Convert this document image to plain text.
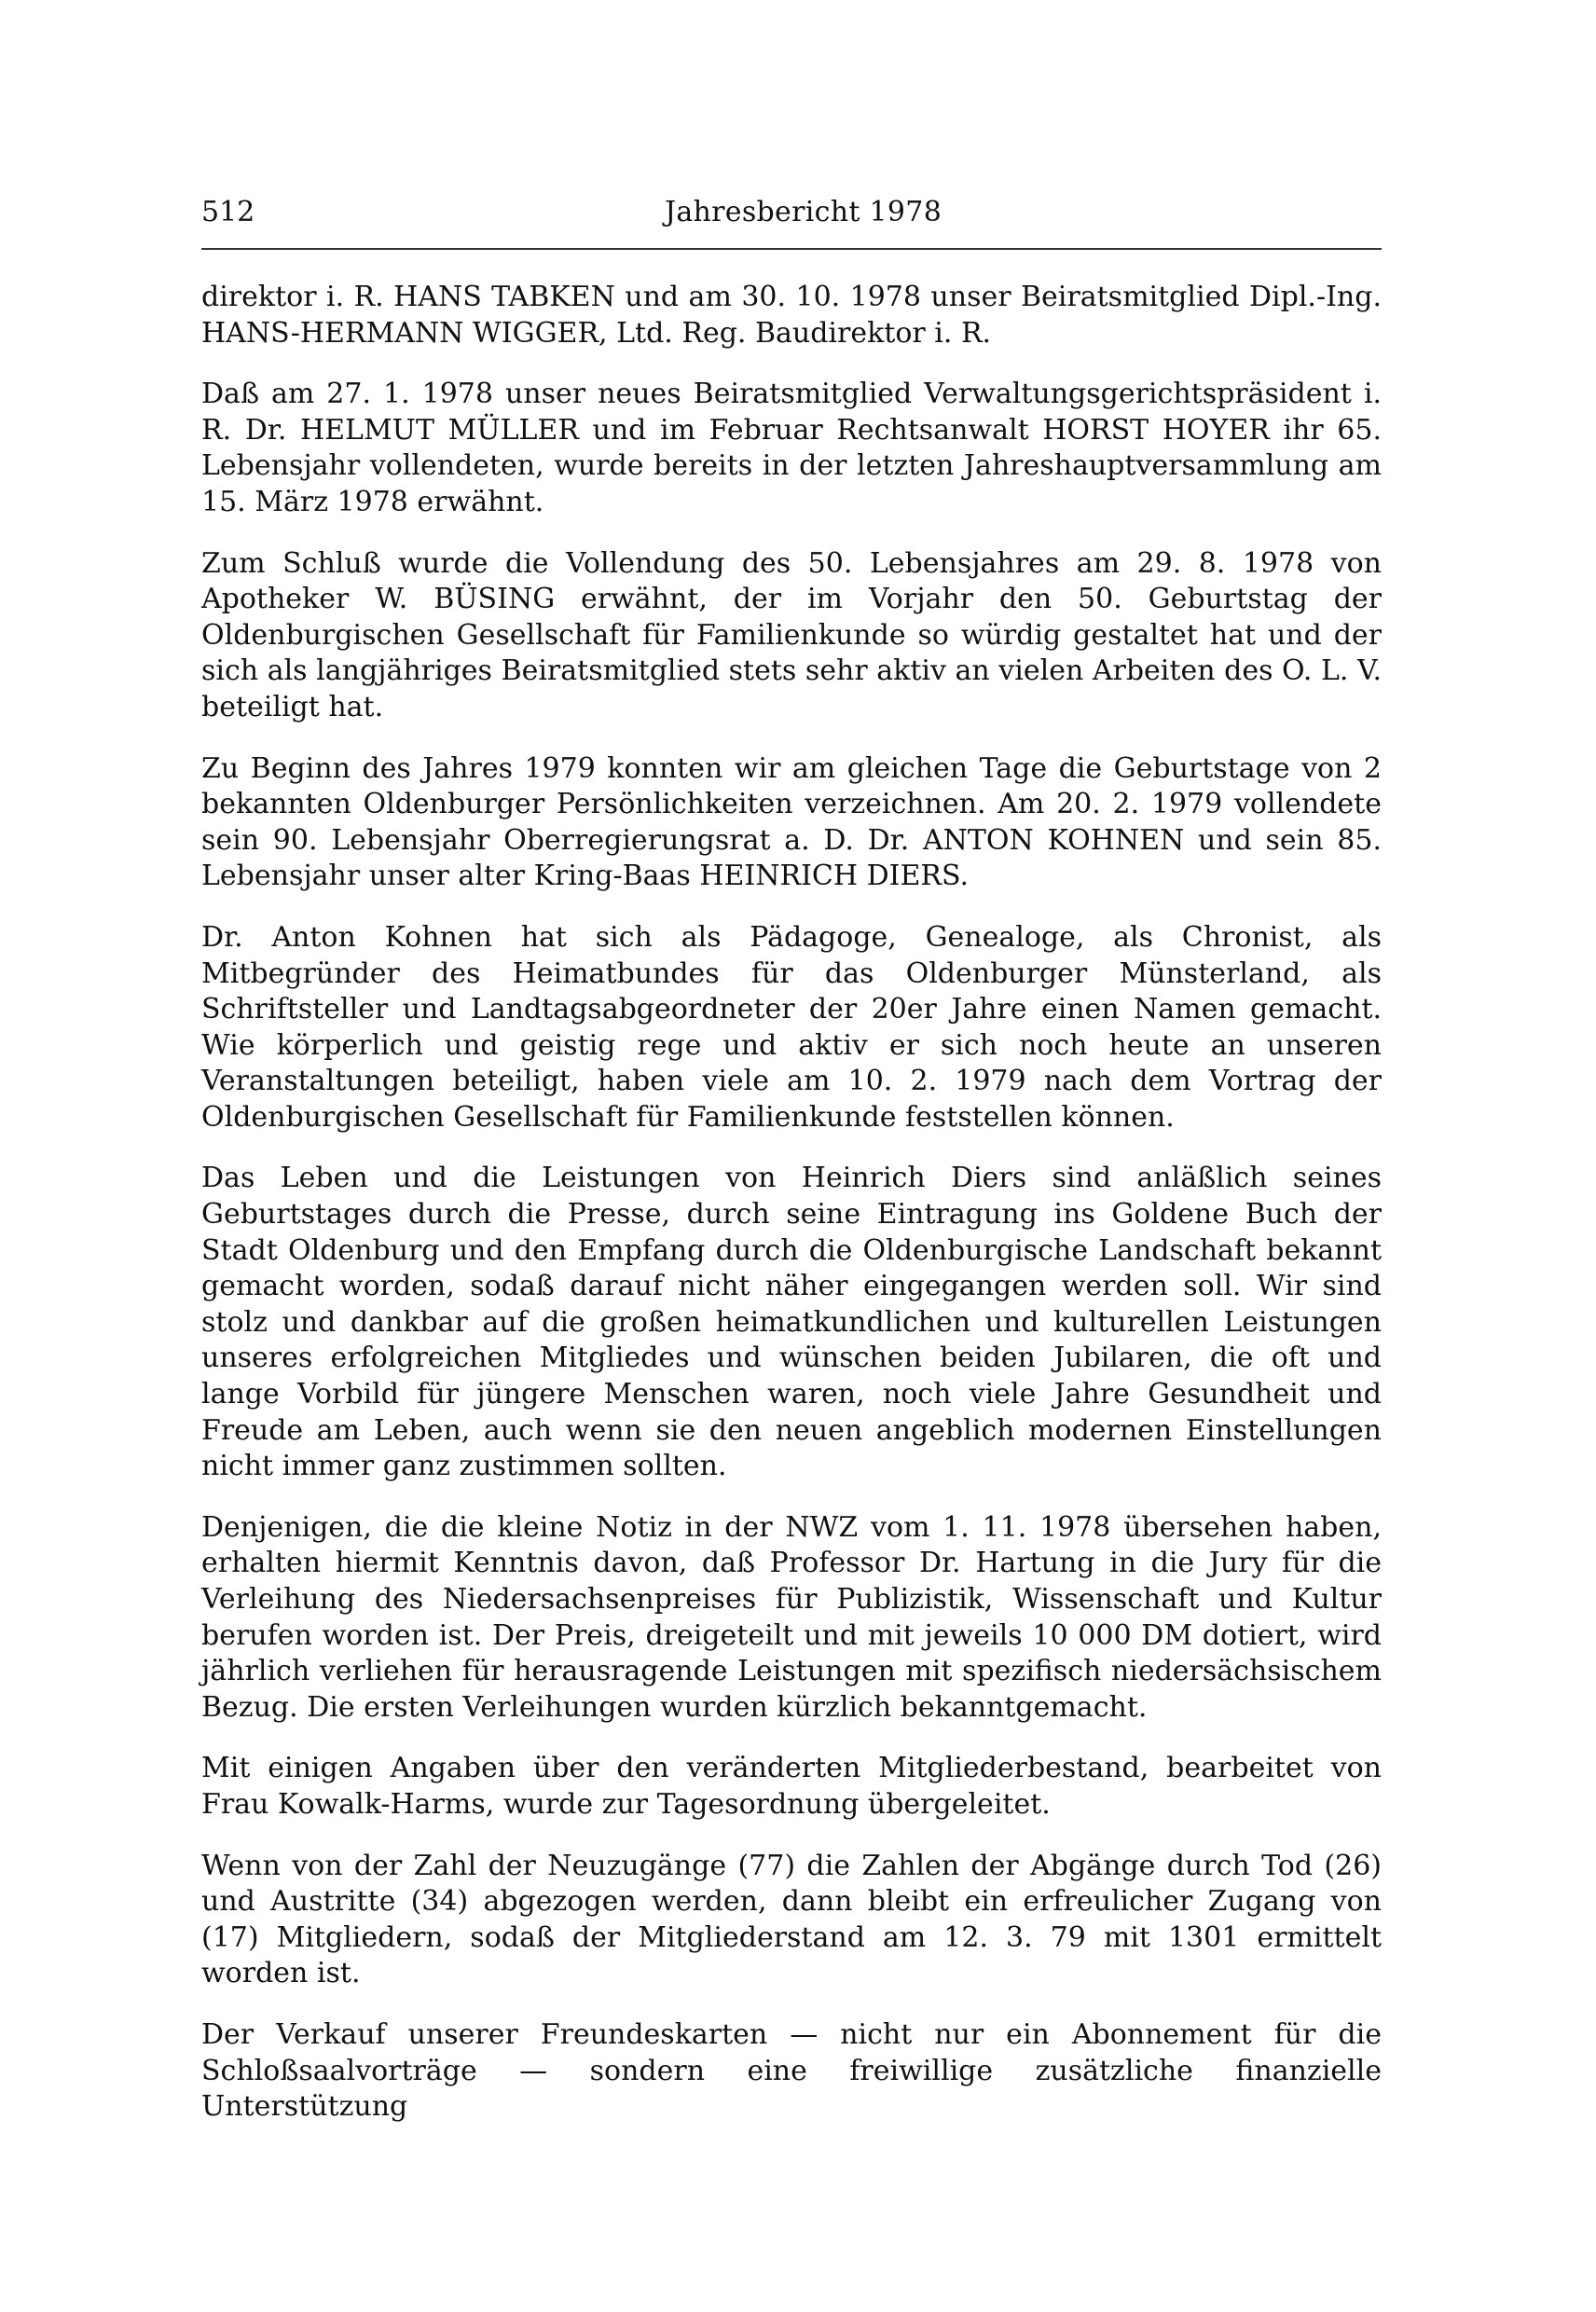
512	Jahresbericht 1978

direktor i. R. HANS TABKEN und am 30. 10. 1978 unser Beiratsmitglied Dipl.-Ing. HANS-HERMANN WIGGER, Ltd. Reg. Baudirektor i. R.

Daß am 27. 1. 1978 unser neues Beiratsmitglied Verwaltungsgerichtspräsident i. R. Dr. HELMUT MÜLLER und im Februar Rechtsanwalt HORST HOYER ihr 65. Lebensjahr vollendeten, wurde bereits in der letzten Jahreshauptversammlung am 15. März 1978 erwähnt.

Zum Schluß wurde die Vollendung des 50. Lebensjahres am 29. 8. 1978 von Apotheker W. BÜSING erwähnt, der im Vorjahr den 50. Geburtstag der Oldenburgischen Gesellschaft für Familienkunde so würdig gestaltet hat und der sich als langjähriges Beiratsmitglied stets sehr aktiv an vielen Arbeiten des O. L. V. beteiligt hat.

Zu Beginn des Jahres 1979 konnten wir am gleichen Tage die Geburtstage von 2 bekannten Oldenburger Persönlichkeiten verzeichnen. Am 20. 2. 1979 vollendete sein 90. Lebensjahr Oberregierungsrat a. D. Dr. ANTON KOHNEN und sein 85. Lebensjahr unser alter Kring-Baas HEINRICH DIERS.

Dr. Anton Kohnen hat sich als Pädagoge, Genealoge, als Chronist, als Mitbegründer des Heimatbundes für das Oldenburger Münsterland, als Schriftsteller und Landtagsabgeordneter der 20er Jahre einen Namen gemacht. Wie körperlich und geistig rege und aktiv er sich noch heute an unseren Veranstaltungen beteiligt, haben viele am 10. 2. 1979 nach dem Vortrag der Oldenburgischen Gesellschaft für Familienkunde feststellen können.

Das Leben und die Leistungen von Heinrich Diers sind anläßlich seines Geburtstages durch die Presse, durch seine Eintragung ins Goldene Buch der Stadt Oldenburg und den Empfang durch die Oldenburgische Landschaft bekannt gemacht worden, sodaß darauf nicht näher eingegangen werden soll. Wir sind stolz und dankbar auf die großen heimatkundlichen und kulturellen Leistungen unseres erfolgreichen Mitgliedes und wünschen beiden Jubilaren, die oft und lange Vorbild für jüngere Menschen waren, noch viele Jahre Gesundheit und Freude am Leben, auch wenn sie den neuen angeblich modernen Einstellungen nicht immer ganz zustimmen sollten.

Denjenigen, die die kleine Notiz in der NWZ vom 1. 11. 1978 übersehen haben, erhalten hiermit Kenntnis davon, daß Professor Dr. Hartung in die Jury für die Verleihung des Niedersachsenpreises für Publizistik, Wissenschaft und Kultur berufen worden ist. Der Preis, dreigeteilt und mit jeweils 10 000 DM dotiert, wird jährlich verliehen für herausragende Leistungen mit spezifisch niedersächsischem Bezug. Die ersten Verleihungen wurden kürzlich bekanntgemacht.

Mit einigen Angaben über den veränderten Mitgliederbestand, bearbeitet von Frau Kowalk-Harms, wurde zur Tagesordnung übergeleitet.

Wenn von der Zahl der Neuzugänge (77) die Zahlen der Abgänge durch Tod (26) und Austritte (34) abgezogen werden, dann bleibt ein erfreulicher Zugang von (17) Mitgliedern, sodaß der Mitgliederstand am 12. 3. 79 mit 1301 ermittelt worden ist.

Der Verkauf unserer Freundeskarten — nicht nur ein Abonnement für die Schloßsaalvorträge — sondern eine freiwillige zusätzliche finanzielle Unterstützung
